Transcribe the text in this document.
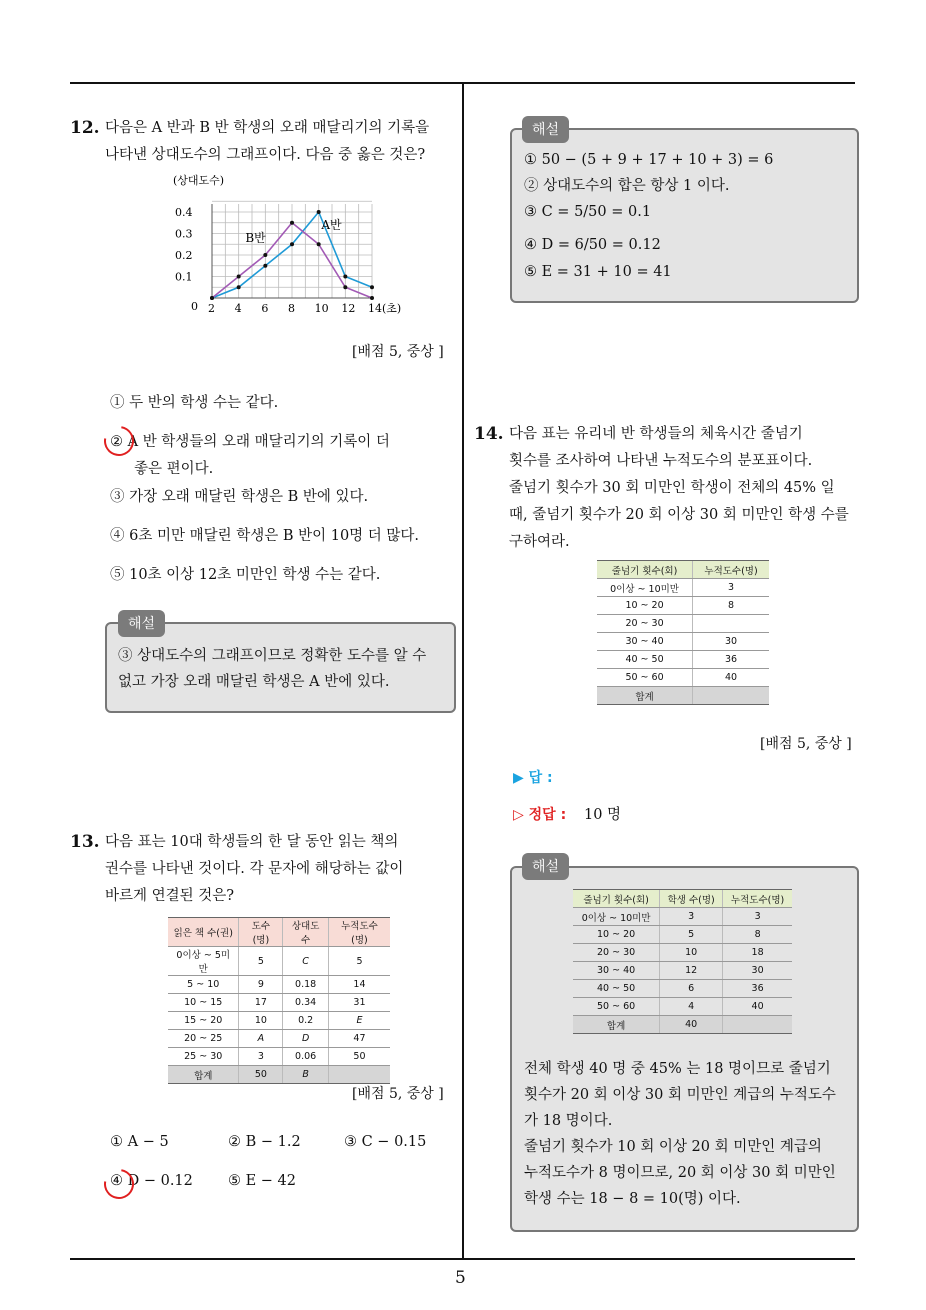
5
12. 다음은 A 반과 B 반 학생의 오래 매달리기의 기록을
나타낸 상대도수의 그래프이다. 다음 중 옳은 것은?
(상대도수)
0.4
0.3
0.2
0.1
0 2 4 6 8 10 12 14(초)
A반
B반
[배점 5, 중상 ]
① 두 반의 학생 수는 같다.
② A 반 학생들의 오래 매달리기의 기록이 더
좋은 편이다.
③ 가장 오래 매달린 학생은 B 반에 있다.
④ 6초 미만 매달린 학생은 B 반이 10명 더 많다.
⑤ 10초 이상 12초 미만인 학생 수는 같다.
해설
③ 상대도수의 그래프이므로 정확한 도수를 알 수
없고 가장 오래 매달린 학생은 A 반에 있다.
13. 다음 표는 10대 학생들의 한 달 동안 읽는 책의
권수를 나타낸 것이다. 각 문자에 해당하는 값이
바르게 연결된 것은?
읽은 책 수(권)	도수(명)	상대도수	누적도수(명)
0이상 ~ 5미만	5	C	5
5 ~ 10	9	0.18	14
10 ~ 15	17	0.34	31
15 ~ 20	10	0.2	E
20 ~ 25	A	D	47
25 ~ 30	3	0.06	50
합계	50	B	
[배점 5, 중상 ]
① A − 5	② B − 1.2	③ C − 0.15
④ D − 0.12 ⑤ E − 42
해설
① 50 − (5 + 9 + 17 + 10 + 3) = 6
② 상대도수의 합은 항상 1 이다.
③ C = 5/50 = 0.1
④ D = 6/50 = 0.12
⑤ E = 31 + 10 = 41
14. 다음 표는 유리네 반 학생들의 체육시간 줄넘기
횟수를 조사하여 나타낸 누적도수의 분포표이다.
줄넘기 횟수가 30 회 미만인 학생이 전체의 45% 일
때, 줄넘기 횟수가 20 회 이상 30 회 미만인 학생 수를
구하여라.
줄넘기 횟수(회)	누적도수(명)
0이상 ~ 10미만	3
10 ~ 20	8
20 ~ 30	
30 ~ 40	30
40 ~ 50	36
50 ~ 60	40
합계	
[배점 5, 중상 ]
▶ 답 :
▷ 정답 : 10 명
해설
줄넘기 횟수(회)	학생 수(명)	누적도수(명)
0이상 ~ 10미만	3	3
10 ~ 20	5	8
20 ~ 30	10	18
30 ~ 40	12	30
40 ~ 50	6	36
50 ~ 60	4	40
합계	40	
전체 학생 40 명 중 45% 는 18 명이므로 줄넘기
횟수가 20 회 이상 30 회 미만인 계급의 누적도수
가 18 명이다.
줄넘기 횟수가 10 회 이상 20 회 미만인 계급의
누적도수가 8 명이므로, 20 회 이상 30 회 미만인
학생 수는 18 − 8 = 10(명) 이다.
